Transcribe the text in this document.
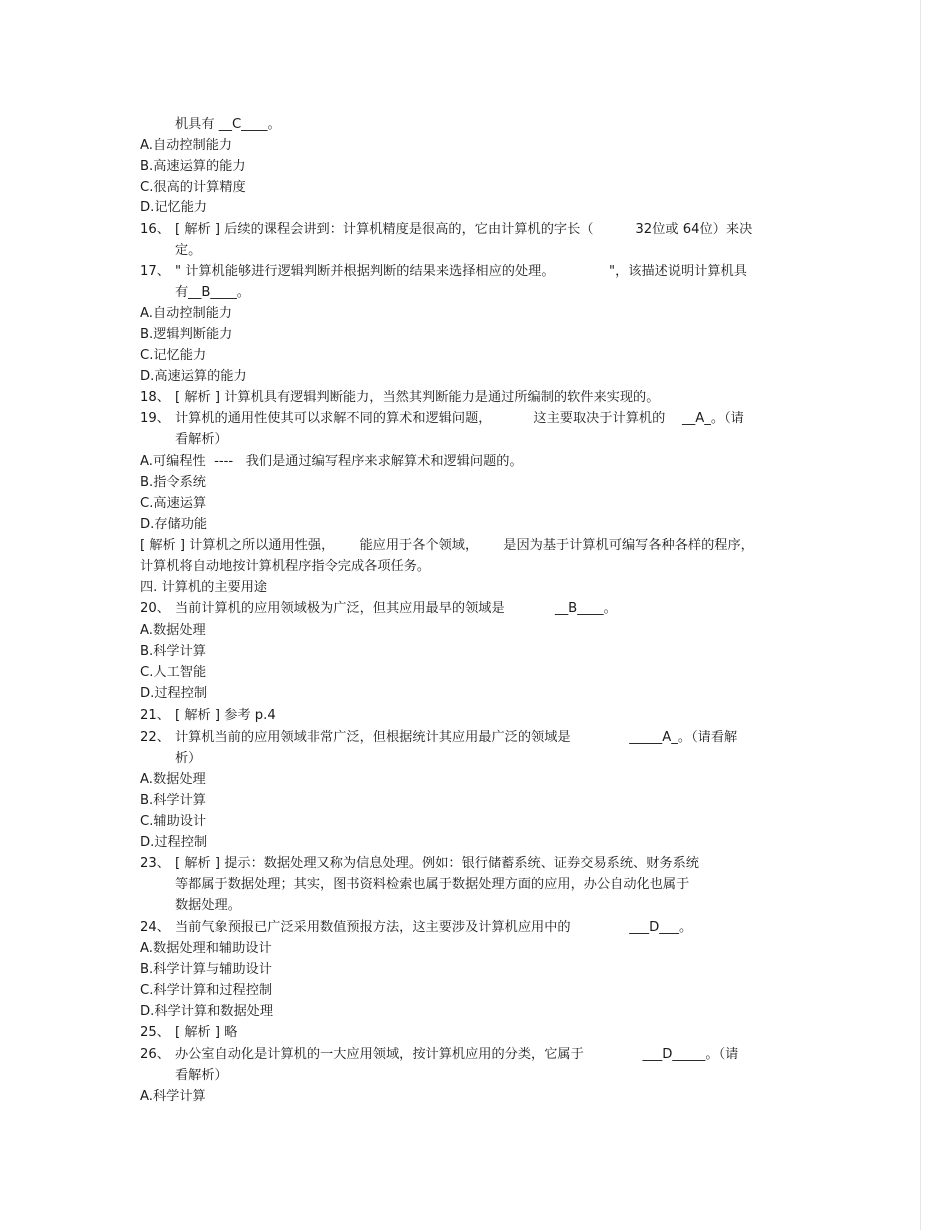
机具有 __C____。
A.自动控制能力
B.高速运算的能力
C.很高的计算精度
D.记忆能力
16、 [ 解析 ] 后续的课程会讲到：计算机精度是很高的，它由计算机的字长（          32位或 64位）来决
定。
17、 " 计算机能够进行逻辑判断并根据判断的结果来选择相应的处理。             "，该描述说明计算机具
有__B____。
A.自动控制能力
B.逻辑判断能力
C.记忆能力
D.高速运算的能力
18、 [ 解析 ] 计算机具有逻辑判断能力，当然其判断能力是通过所编制的软件来实现的。
19、 计算机的通用性使其可以求解不同的算术和逻辑问题，          这主要取决于计算机的    __A_。（请
看解析）
A.可编程性  ----   我们是通过编写程序来求解算术和逻辑问题的。
B.指令系统
C.高速运算
D.存储功能
[ 解析 ] 计算机之所以通用性强，      能应用于各个领域，      是因为基于计算机可编写各种各样的程序，
计算机将自动地按计算机程序指令完成各项任务。
四. 计算机的主要用途
20、 当前计算机的应用领域极为广泛，但其应用最早的领域是            __B____。
A.数据处理
B.科学计算
C.人工智能
D.过程控制
21、 [ 解析 ] 参考 p.4
22、 计算机当前的应用领域非常广泛，但根据统计其应用最广泛的领域是              _____A_。（请看解
析）
A.数据处理
B.科学计算
C.辅助设计
D.过程控制
23、 [ 解析 ] 提示：数据处理又称为信息处理。例如：银行储蓄系统、证券交易系统、财务系统
等都属于数据处理；其实，图书资料检索也属于数据处理方面的应用，办公自动化也属于
数据处理。
24、 当前气象预报已广泛采用数值预报方法，这主要涉及计算机应用中的              ___D___。
A.数据处理和辅助设计
B.科学计算与辅助设计
C.科学计算和过程控制
D.科学计算和数据处理
25、 [ 解析 ] 略
26、 办公室自动化是计算机的一大应用领域，按计算机应用的分类，它属于              ___D_____。（请
看解析）
A.科学计算
